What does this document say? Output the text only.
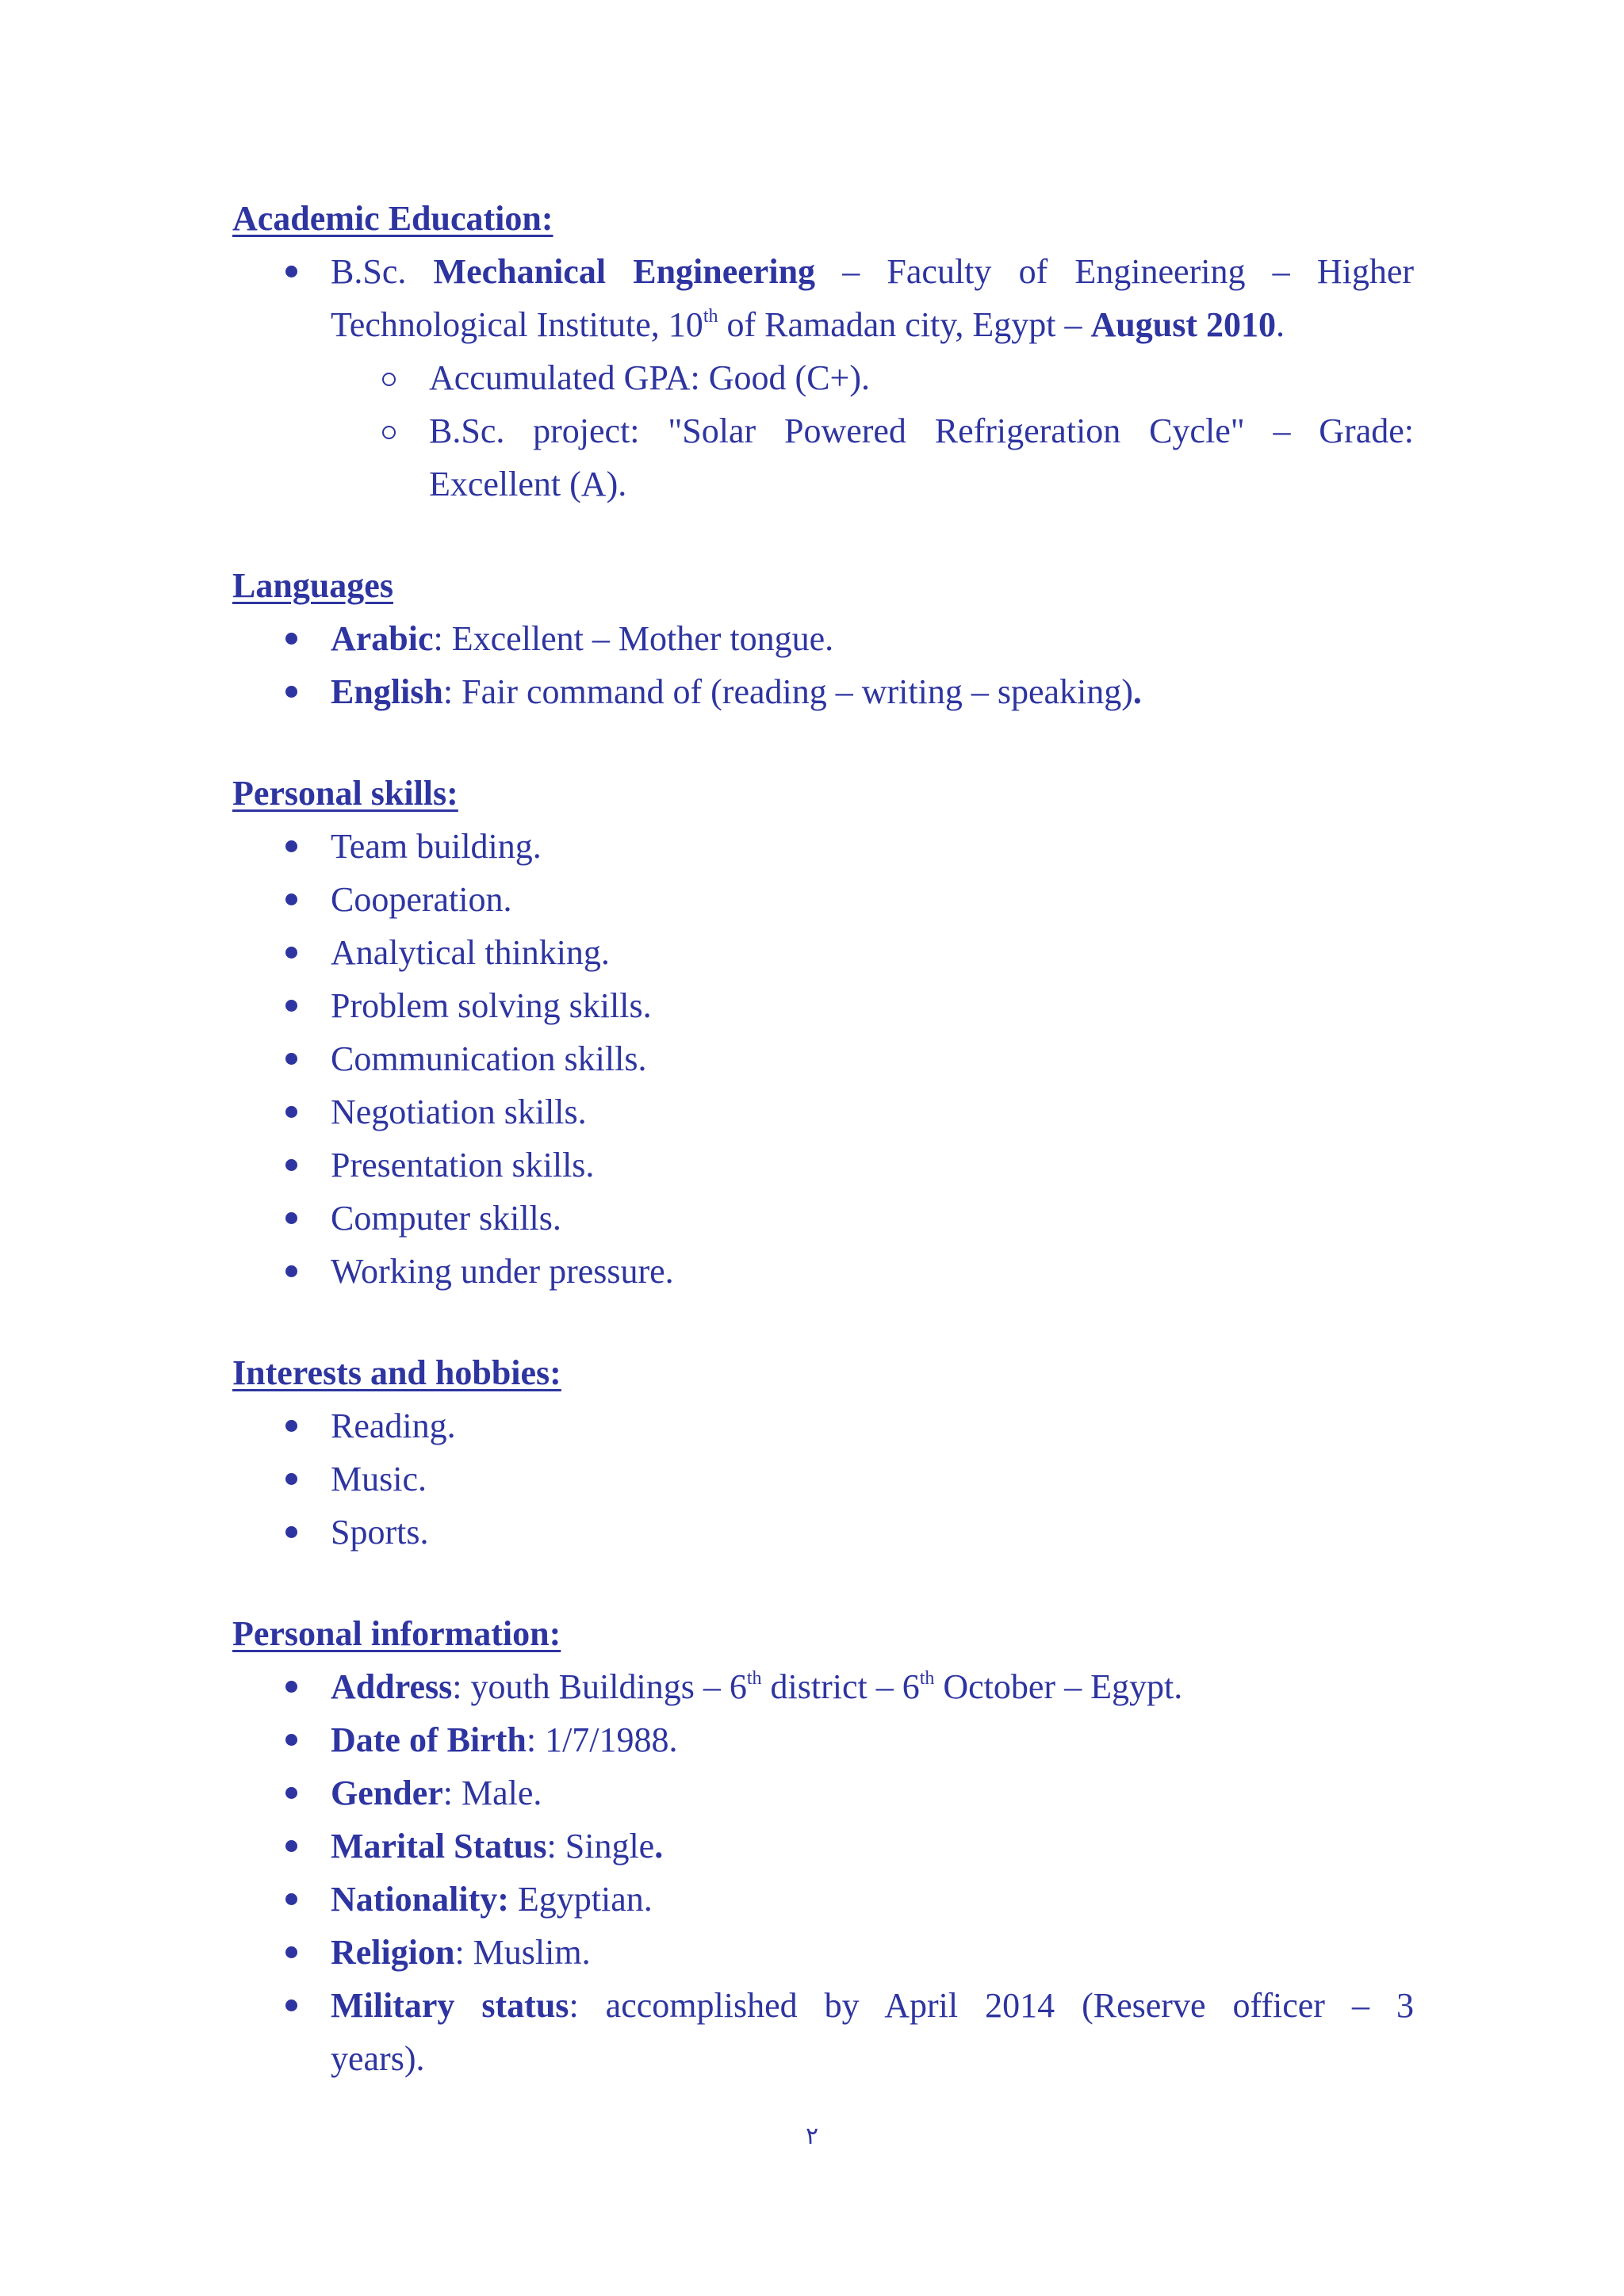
Academic Education:
B.Sc. Mechanical Engineering – Faculty of Engineering – Higher Technological Institute, 10th of Ramadan city, Egypt – August 2010.
Accumulated GPA: Good (C+).
B.Sc. project: "Solar Powered Refrigeration Cycle" – Grade:
Excellent (A).
Languages
Arabic: Excellent – Mother tongue.
English: Fair command of (reading – writing – speaking).
Personal skills:
Team building.
Cooperation.
Analytical thinking.
Problem solving skills.
Communication skills.
Negotiation skills.
Presentation skills.
Computer skills.
Working under pressure.
Interests and hobbies:
Reading.
Music.
Sports.
Personal information:
Address: youth Buildings – 6th district – 6th October – Egypt.
Date of Birth: 1/7/1988.
Gender: Male.
Marital Status: Single.
Nationality: Egyptian.
Religion: Muslim.
Military status: accomplished by April 2014 (Reserve officer – 3
years).
٢
